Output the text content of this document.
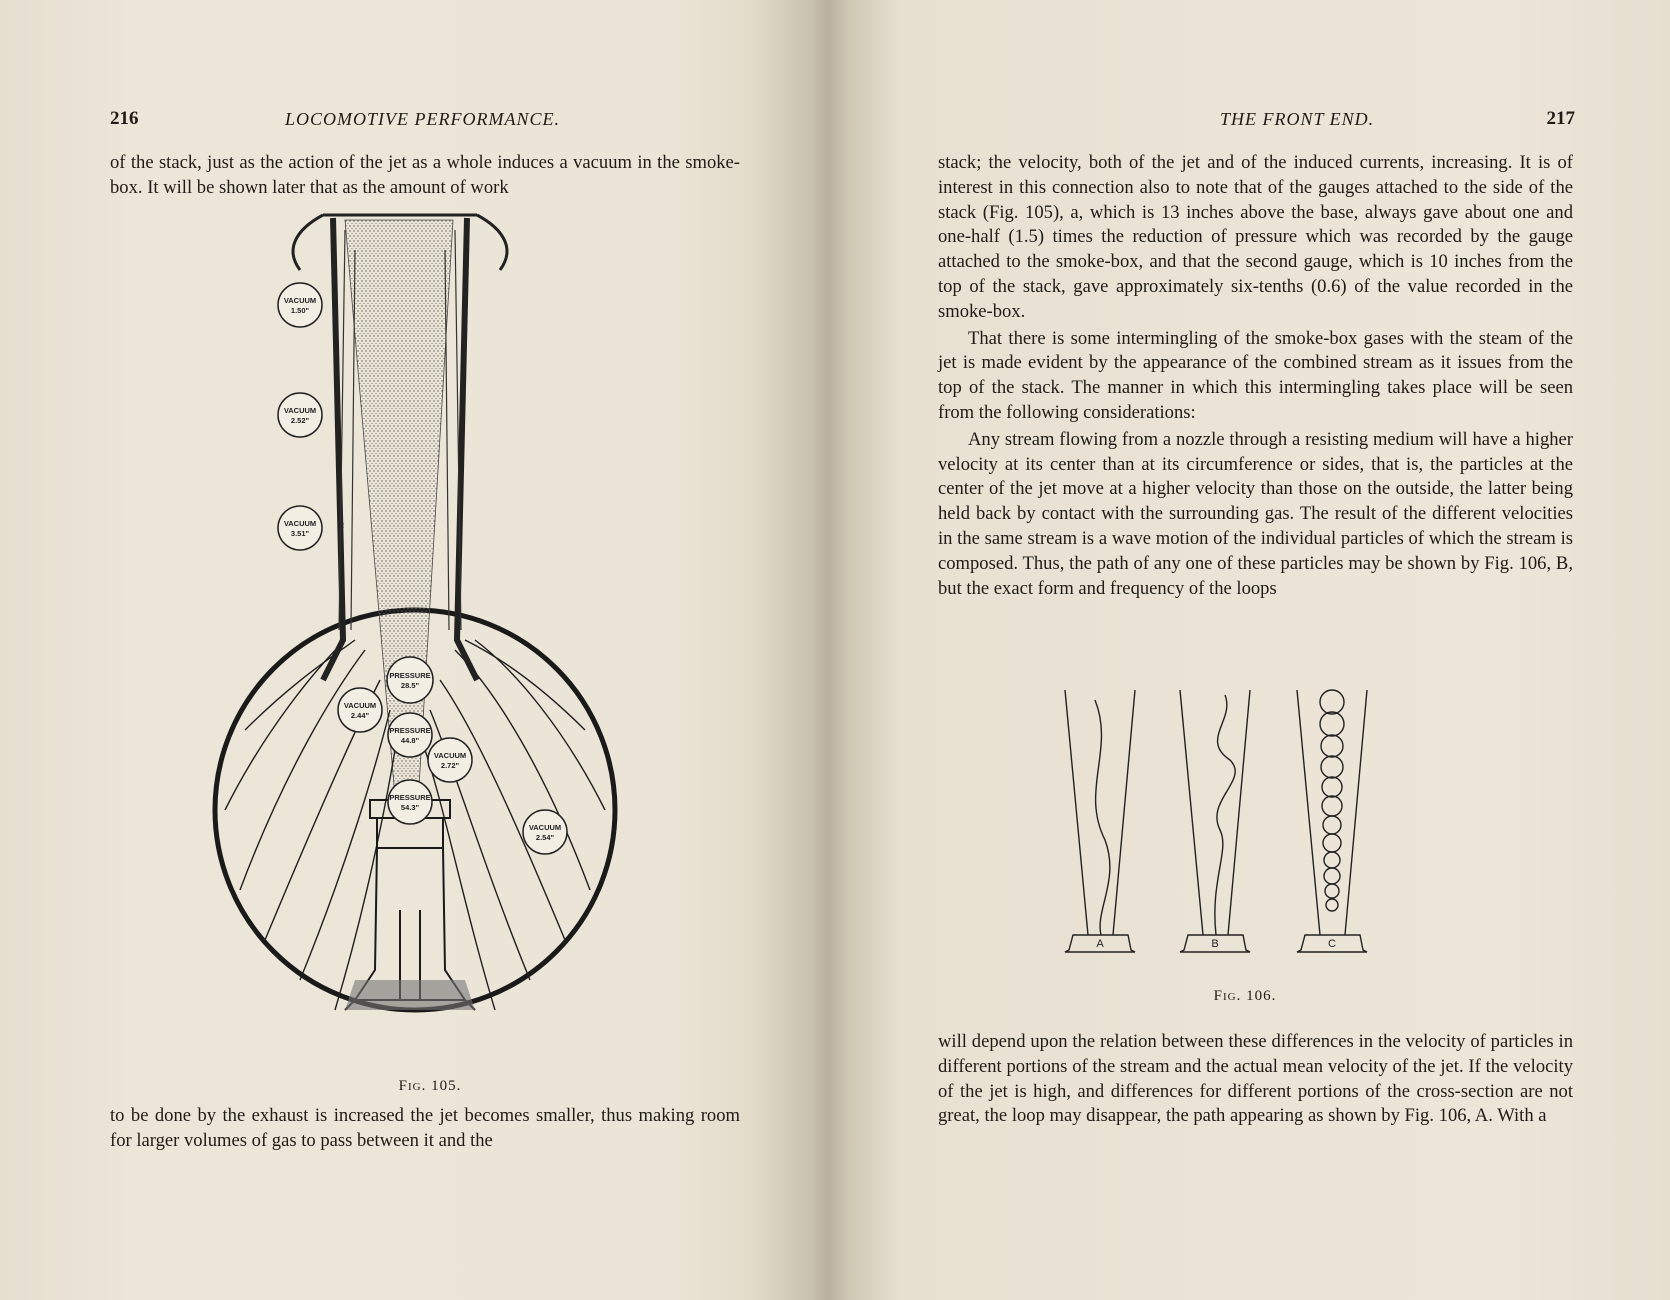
216	LOCOMOTIVE PERFORMANCE.

of the stack, just as the action of the jet as a whole induces a vacuum in the smoke-box. It will be shown later that as the amount of work

a
VACUUM
1.50"
VACUUM
2.52"
VACUUM
3.51"
PRESSURE
28.5"
VACUUM
2.44"
PRESSURE
44.8"
VACUUM
2.72"
PRESSURE
54.3"
VACUUM
2.54"
Fig. 105.

to be done by the exhaust is increased the jet becomes smaller, thus making room for larger volumes of gas to pass between it and the

THE FRONT END.	217

stack; the velocity, both of the jet and of the induced currents, increasing. It is of interest in this connection also to note that of the gauges attached to the side of the stack (Fig. 105), a, which is 13 inches above the base, always gave about one and one-half (1.5) times the reduction of pressure which was recorded by the gauge attached to the smoke-box, and that the second gauge, which is 10 inches from the top of the stack, gave approximately six-tenths (0.6) of the value recorded in the smoke-box.

That there is some intermingling of the smoke-box gases with the steam of the jet is made evident by the appearance of the combined stream as it issues from the top of the stack. The manner in which this intermingling takes place will be seen from the following considerations:

Any stream flowing from a nozzle through a resisting medium will have a higher velocity at its center than at its circumference or sides, that is, the particles at the center of the jet move at a higher velocity than those on the outside, the latter being held back by contact with the surrounding gas. The result of the different velocities in the same stream is a wave motion of the individual particles of which the stream is composed. Thus, the path of any one of these particles may be shown by Fig. 106, B, but the exact form and frequency of the loops

A	B	C
Fig. 106.

will depend upon the relation between these differences in the velocity of particles in different portions of the stream and the actual mean velocity of the jet. If the velocity of the jet is high, and differences for different portions of the cross-section are not great, the loop may disappear, the path appearing as shown by Fig. 106, A. With a
